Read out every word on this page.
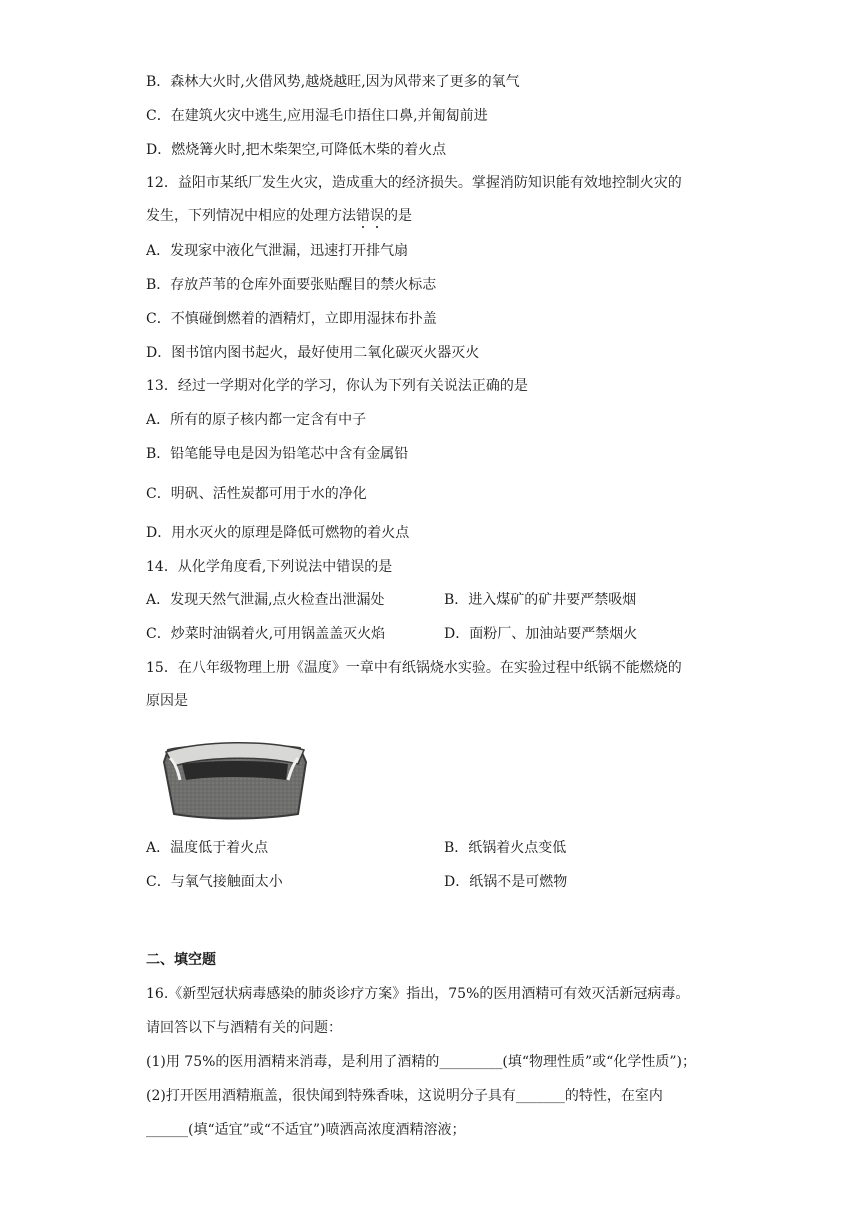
B．森林大火时,火借风势,越烧越旺,因为风带来了更多的氧气
C．在建筑火灾中逃生,应用湿毛巾捂住口鼻,并匍匐前进
D．燃烧篝火时,把木柴架空,可降低木柴的着火点
12．益阳市某纸厂发生火灾，造成重大的经济损失。掌握消防知识能有效地控制火灾的
发生，下列情况中相应的处理方法错误的是
A．发现家中液化气泄漏，迅速打开排气扇
B．存放芦苇的仓库外面要张贴醒目的禁火标志
C．不慎碰倒燃着的酒精灯，立即用湿抹布扑盖
D．图书馆内图书起火，最好使用二氧化碳灭火器灭火
13．经过一学期对化学的学习，你认为下列有关说法正确的是
A．所有的原子核内都一定含有中子
B．铅笔能导电是因为铅笔芯中含有金属铅
C．明矾、活性炭都可用于水的净化
D．用水灭火的原理是降低可燃物的着火点
14．从化学角度看,下列说法中错误的是
A．发现天然气泄漏,点火检查出泄漏处	B．进入煤矿的矿井要严禁吸烟
C．炒菜时油锅着火,可用锅盖盖灭火焰	D．面粉厂、加油站要严禁烟火
15．在八年级物理上册《温度》一章中有纸锅烧水实验。在实验过程中纸锅不能燃烧的
原因是
A．温度低于着火点	B．纸锅着火点变低
C．与氧气接触面太小	D．纸锅不是可燃物
二、填空题
16.《新型冠状病毒感染的肺炎诊疗方案》指出，75%的医用酒精可有效灭活新冠病毒。
请回答以下与酒精有关的问题：
(1)用 75%的医用酒精来消毒，是利用了酒精的_________(填“物理性质”或“化学性质”)；
(2)打开医用酒精瓶盖，很快闻到特殊香味，这说明分子具有_______的特性，在室内
______(填“适宜”或“不适宜”)喷洒高浓度酒精溶液；
